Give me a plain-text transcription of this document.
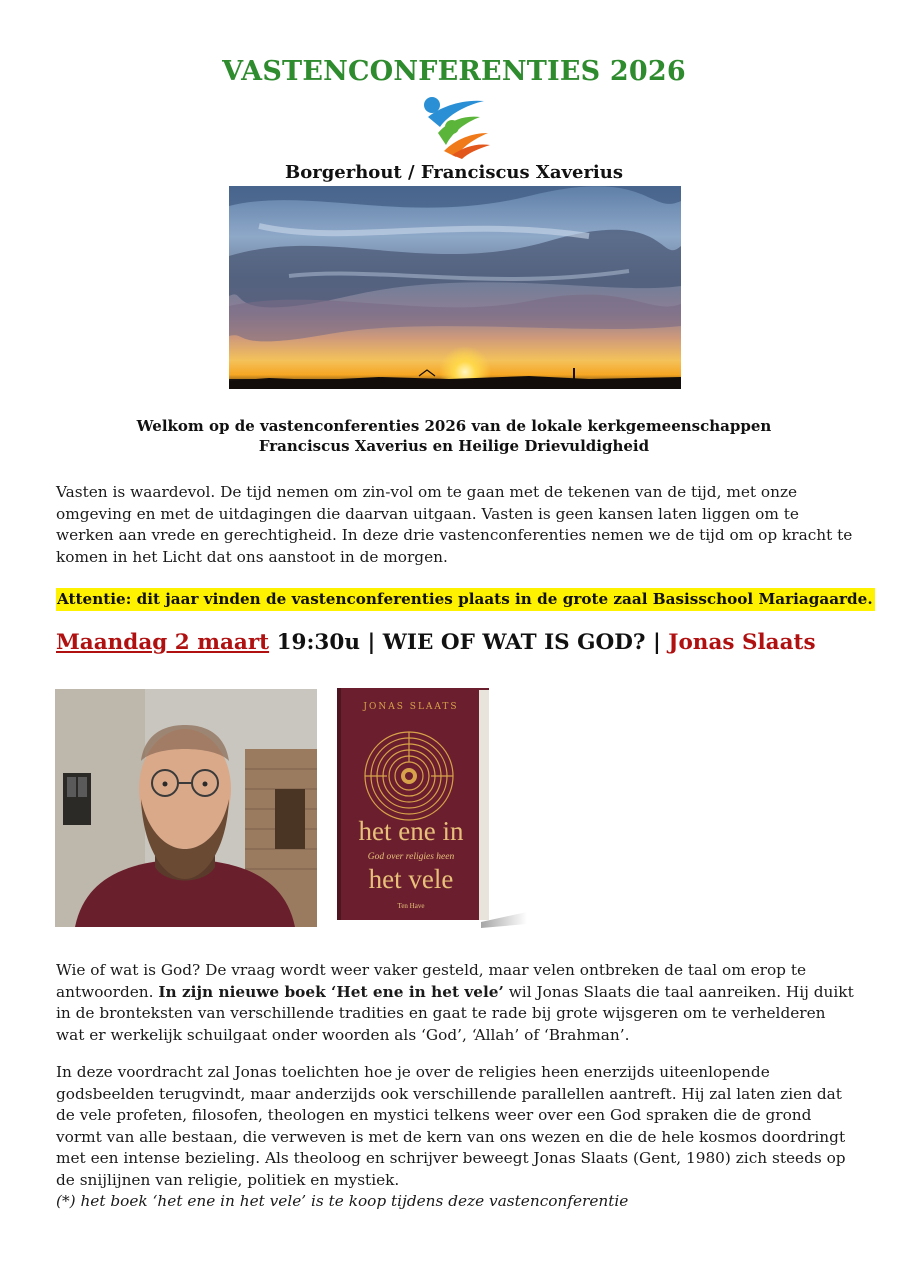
VASTENCONFERENTIES 2026
Borgerhout / Franciscus Xaverius
Welkom op de vastenconferenties 2026 van de lokale kerkgemeenschappen
Franciscus Xaverius en Heilige Drievuldigheid
Vasten is waardevol. De tijd nemen om zin-vol om te gaan met de tekenen van de tijd, met onze omgeving en met de uitdagingen die daarvan uitgaan. Vasten is geen kansen laten liggen om te werken aan vrede en gerechtigheid. In deze drie vastenconferenties nemen we de tijd om op kracht te komen in het Licht dat ons aanstoot in de morgen.
Attentie: dit jaar vinden de vastenconferenties plaats in de grote zaal Basisschool Mariagaarde.
Maandag 2 maart 19:30u | WIE OF WAT IS GOD? | Jonas Slaats
JONAS SLAATS
het ene in
God over religies heen
het vele
Ten Have
Wie of wat is God? De vraag wordt weer vaker gesteld, maar velen ontbreken de taal om erop te antwoorden. In zijn nieuwe boek ‘Het ene in het vele’ wil Jonas Slaats die taal aanreiken. Hij duikt in de bronteksten van verschillende tradities en gaat te rade bij grote wijsgeren om te verhelderen wat er werkelijk schuilgaat onder woorden als ‘God’, ‘Allah’ of ‘Brahman’.
In deze voordracht zal Jonas toelichten hoe je over de religies heen enerzijds uiteenlopende godsbeelden terugvindt, maar anderzijds ook verschillende parallellen aantreft. Hij zal laten zien dat de vele profeten, filosofen, theologen en mystici telkens weer over een God spraken die de grond vormt van alle bestaan, die verweven is met de kern van ons wezen en die de hele kosmos doordringt met een intense bezieling. Als theoloog en schrijver beweegt Jonas Slaats (Gent, 1980) zich steeds op de snijlijnen van religie, politiek en mystiek.
(*) het boek ‘het ene in het vele’ is te koop tijdens deze vastenconferentie
